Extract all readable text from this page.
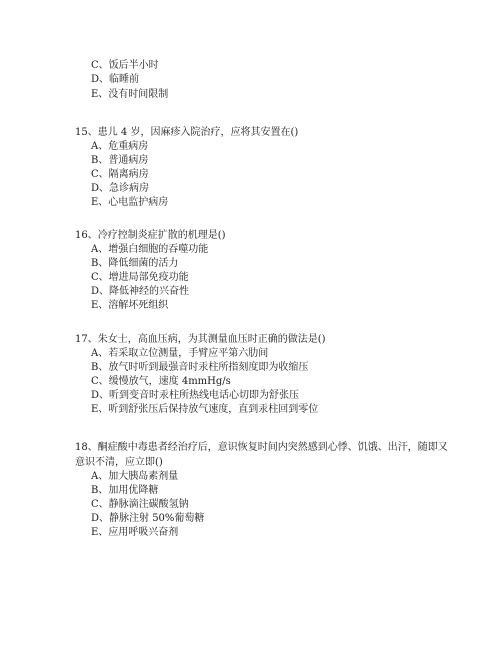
C、饭后半小时
D、临睡前
E、没有时间限制
15、患儿 4 岁，因麻疹入院治疗，应将其安置在()
A、危重病房
B、普通病房
C、隔离病房
D、急诊病房
E、心电监护病房
16、冷疗控制炎症扩散的机理是()
A、增强白细胞的吞噬功能
B、降低细菌的活力
C、增进局部免疫功能
D、降低神经的兴奋性
E、溶解坏死组织
17、朱女士，高血压病，为其测量血压时正确的做法是()
A、若采取立位测量，手臂应平第六肋间
B、放气时听到最强音时汞柱所指刻度即为收缩压
C、缓慢放气，速度 4mmHg/s
D、听到变音时汞柱所热线电话心切即为舒张压
E、听到舒张压后保持放气速度，直到汞柱回到零位
18、酮症酸中毒患者经治疗后，意识恢复时间内突然感到心悸、饥饿、出汗，随即又
意识不清，应立即()
A、加大胰岛素剂量
B、加用优降糖
C、静脉滴注碳酸氢钠
D、静脉注射 50%葡萄糖
E、应用呼吸兴奋剂
